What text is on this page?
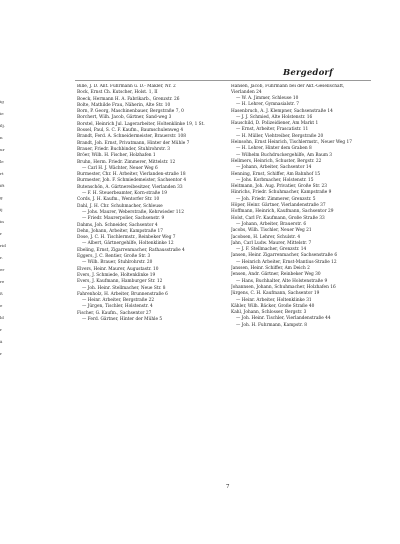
ig
ie
ilj.
n
ur
le
rt
ift
g
ij
in
r
rid
r.
er
re
ß
e
bl
r
ä
r
Bergedorf
Bille, J. D. Ant. Fuhrmann u. D.- Makler, Nr. 2
Bock, Ernst Ch. Kutscher, Holst. 1, II
Boeck, Hermann H. A. Fabrikarb., Grenzstr. 26
Bolte, Mathilde Frau, Näherin, Alte Str. 10
Born, P. Georg, Maschinenbauer, Bergstraße 7, 0
Borchert, Wilh. Jacob, Gärtner, Sand-weg 3
Borstel, Heinrich Jul. Lagerarbeiter, Holtenklinke 19, 1 St.
Bossel, Paul, S. C. F. Kaufm., Baumschulenweg 4
Brandt, Ferd. A. Schneidermeister, Brauerstr. 108
Brandt, Joh. Ernst, Privatmann, Hinter der Mühle 7
Brauer, Friedr. Buchbinder, Stuhlrohrstr. 3
Bröer, Wilh. H. Fischer, Holzhafen 1
Bruhn, Herm. Friedr. Zimmerer, Mittelstr. 12
— Carl H. J. Wächter, Neuer Weg 6
Burmester, Chr. H. Arbeiter, Vierlanden-straße 18
Burmester, Joh. F. Schmiedemeister, Sachsentor 4
Butenschön, A. Gärtnereibesitzer, Vierlanden 33
— F. H. Steuerbeamter, Korn-straße 19
Cords, J. H. Kaufm., Wentorfer Str. 10
Dahl, J. H. Chr. Schuhmacher, Schleuse
— Johs. Maurer, Weberstraße, Kehrwieder 112
— Friedr. Maurerpolier, Sachsenstr. 9
Dahms, Joh. Schneider, Sachsentor 4
Dehn, Johann, Arbeiter, Kampstraße 17
Dose, J. C. H. Tischlermstr., Reinbeker Weg 7
— Albert, Gärtnergehilfe, Holtenklinke 12
Ebeling, Ernst, Zigarrenmacher, Rathausstraße 4
Eggers, J. C. Rentier, Große Str. 3
— Wilh. Brauer, Stuhlrohrstr. 20
Elvers, Heinr. Maurer, Augustastr. 10
Evers, J. Schmiede, Holtenklinke 19
Evers, J. Kaufmann, Hamburger Str. 12
— Joh. Heinr. Stellmacher, Neue Str. 8
Fahrenholz, H. Arbeiter, Brunnenstraße 6
— Heinr. Arbeiter, Bergstraße 22
— Jürgen, Tischler, Holstenstr. 4
Fischer, G. Kaufm., Sachsentor 27
— Ferd. Gärtner, Hinter der Mühle 5
Hansen, Jacob, Fuhrmann bei der Akt.-Gesellschaft, Vierlanden 24
— W. A. Jimmer, Schleuse 10
— H. Lehrer, Gymnasialstr. 7
Hasenbruch, A. J. Klempner, Sachsenstraße 14
— J. J. Schmied, Alte Holstenstr. 16
Hauschild, D. Polizeidiener, Am Markt 1
— Ernst, Arbeiter, Frascatistr. 11
— H. Müller, Viehtreiber, Bergstraße 20
Heinsohn, Ernst Heinrich, Tischlermstr., Neuer Weg 17
— H. Lehrer, Hinter dem Graben 8
— Wilhelm Buchdruckergehilfe, Am Baum 3
Hellmers, Heinrich, Schuster, Bergstr. 22
— Johann, Arbeiter, Sachsentor 14
Henning, Ernst, Schiffer, Am Bahnhof 15
— Johs. Korbmacher, Holstenstr. 15
Heitmann, Joh. Aug. Privatier, Große Str. 23
Hinrichs, Friedr. Schuhmacher, Kampstraße 9
— Joh. Friedr. Zimmerer, Grenzstr. 5
Höper, Heinr. Gärtner, Vierlandenstraße 37
Hoffmann, Heinrich, Kaufmann, Sachsentor 29
Holst, Carl Fr. Kaufmann, Große Straße 33
— Johann, Arbeiter, Brauerstr. 6
Jacobs, Wilh. Tischler, Neuer Weg 21
Jacobsen, H. Lehrer, Schulstr. 4
Jahn, Carl Ludw. Maurer, Mittelstr. 7
— J. F. Stellmacher, Grenzstr. 14
Jansen, Heinr. Zigarrenmacher, Sachsenstraße 6
— Heinrich Arbeiter, Ernst-Mantius-Straße 12
Janssen, Heinr. Schiffer, Am Deich 2
Jensen, Andr. Gärtner, Reinbeker Weg 30
— Hans, Buchhalter, Alte Holstenstraße 9
Johannsen, Johann, Schuhmacher, Holzhafen 16
Jürgens, C. H. Kaufmann, Sachsentor 19
— Heinr. Arbeiter, Holtenklinke 31
Kähler, Wilh. Bäcker, Große Straße 40
Kahl, Johann, Schlosser, Bergstr. 3
— Joh. Heinr. Tischler, Vierlandenstraße 44
— Joh. H. Fuhrmann, Kampstr. 8
7
